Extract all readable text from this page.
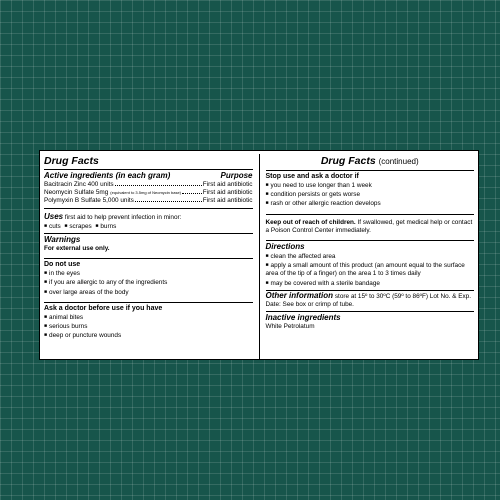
Drug Facts
Active ingredients (in each gram)	Purpose
Bacitracin Zinc 400 units	First aid antibiotic
Neomycin Sulfate 5mg (equivalent to 3.5mg of Neomycin base)	First aid antibiotic
Polymyxin B Sulfate 5,000 units	First aid antibiotic
Uses first aid to help prevent infection in minor:
■ cuts ■ scrapes ■ burns
Warnings
For external use only.
Do not use
■ in the eyes
■ if you are allergic to any of the ingredients
■ over large areas of the body
Ask a doctor before use if you have
■ animal bites
■ serious burns
■ deep or puncture wounds
Drug Facts (continued)
Stop use and ask a doctor if
■ you need to use longer than 1 week
■ condition persists or gets worse
■ rash or other allergic reaction develops
Keep out of reach of children. If swallowed, get medical help or contact a Poison Control Center immediately.
Directions
■ clean the affected area
■ apply a small amount of this product (an amount equal to the surface area of the tip of a finger) on the area 1 to 3 times daily
■ may be covered with a sterile bandage
Other information store at 15º to 30ºC (59º to 86ºF) Lot No. & Exp. Date: See box or crimp of tube.
Inactive ingredients
White Petrolatum
